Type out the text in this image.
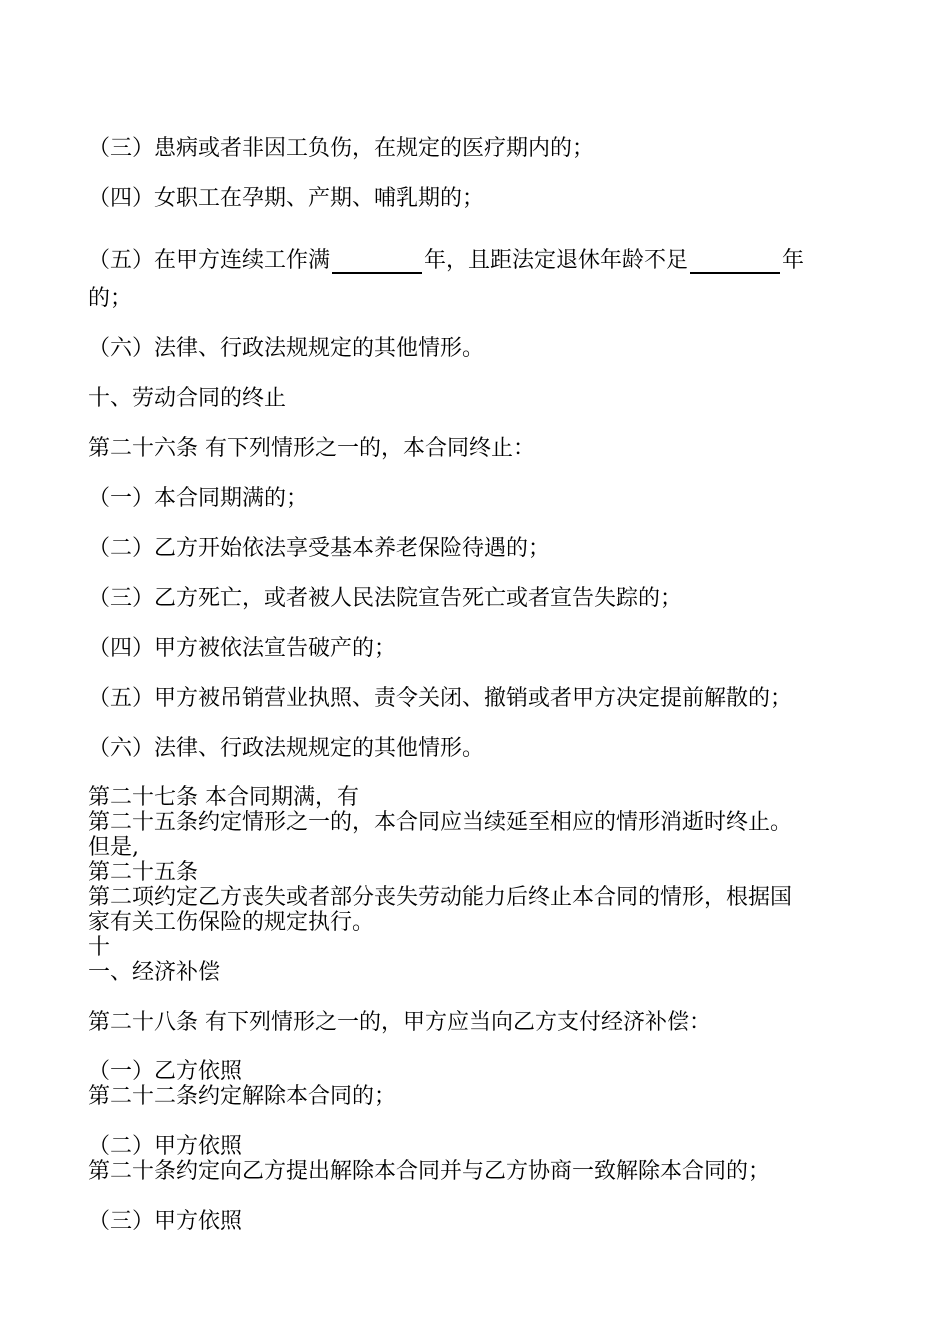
（三）患病或者非因工负伤，在规定的医疗期内的；

（四）女职工在孕期、产期、哺乳期的；

（五）在甲方连续工作满	年，且距法定退休年龄不足	年

的；

（六）法律、行政法规规定的其他情形。

十、劳动合同的终止

第二十六条 有下列情形之一的，本合同终止：

（一）本合同期满的；

（二）乙方开始依法享受基本养老保险待遇的；

（三）乙方死亡，或者被人民法院宣告死亡或者宣告失踪的；

（四）甲方被依法宣告破产的；

（五）甲方被吊销营业执照、责令关闭、撤销或者甲方决定提前解散的；

（六）法律、行政法规规定的其他情形。

第二十七条 本合同期满，有

第二十五条约定情形之一的，本合同应当续延至相应的情形消逝时终止。

但是,

第二十五条

第二项约定乙方丧失或者部分丧失劳动能力后终止本合同的情形，根据国

家有关工伤保险的规定执行。

十

一、经济补偿

第二十八条 有下列情形之一的，甲方应当向乙方支付经济补偿：

（一）乙方依照

第二十二条约定解除本合同的；

（二）甲方依照

第二十条约定向乙方提出解除本合同并与乙方协商一致解除本合同的；

（三）甲方依照
